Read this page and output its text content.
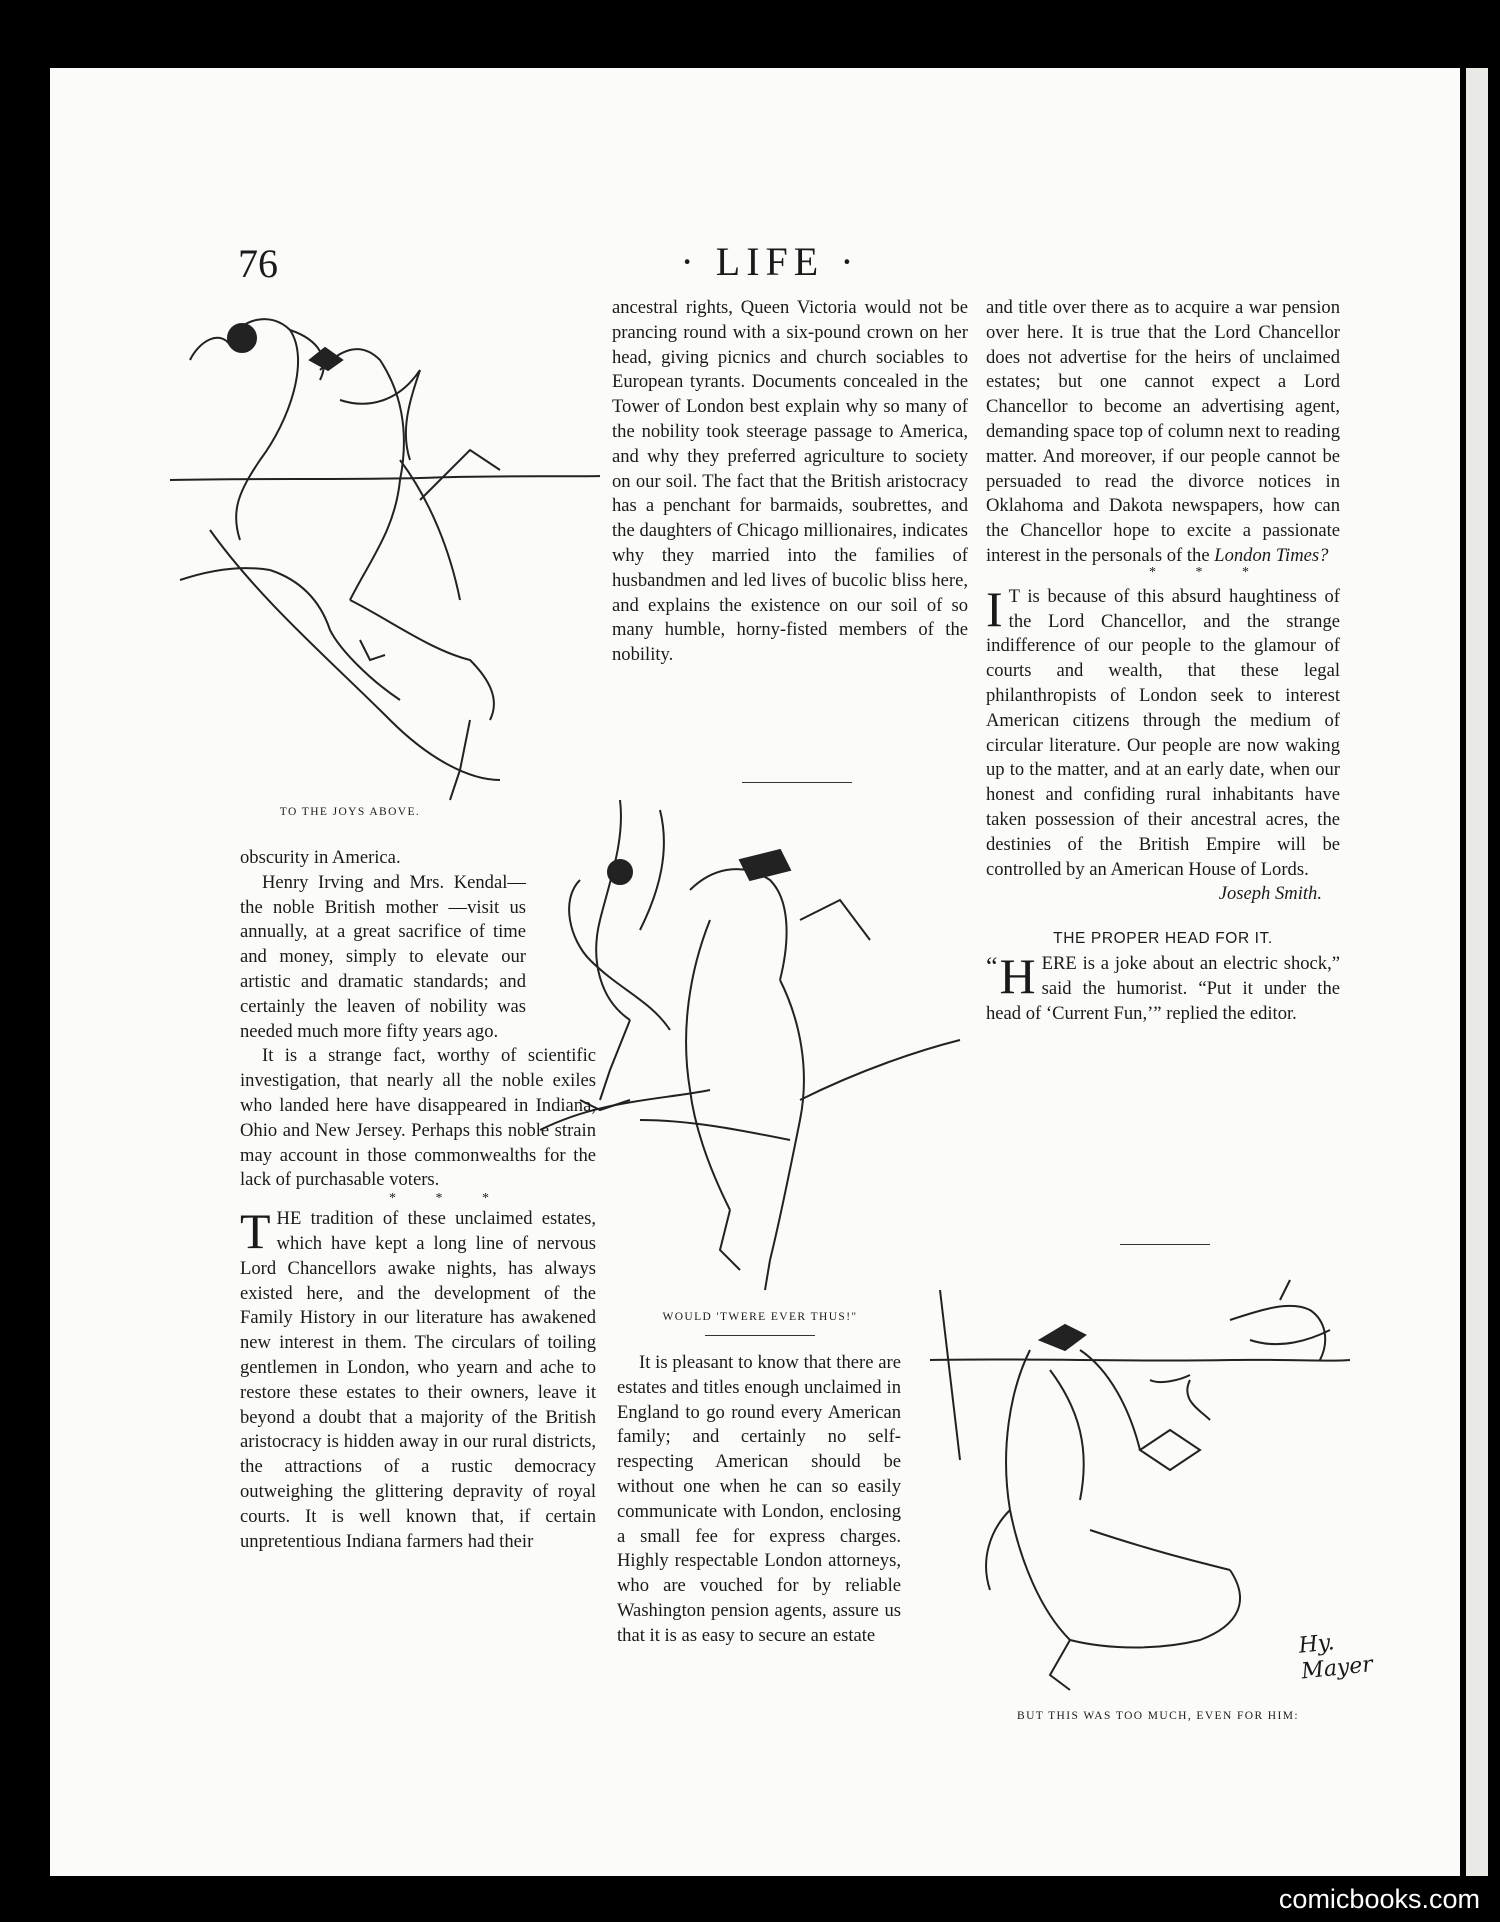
76	· LIFE ·
TO THE JOYS ABOVE.
WOULD 'TWERE EVER THUS!"
Hy. Mayer
BUT THIS WAS TOO MUCH, EVEN FOR HIM:

obscurity in America.

Henry Irving and Mrs. Kendal—the noble British mother —visit us annually, at a great sacrifice of time and money, simply to elevate our artistic and dramatic standards; and certainly the leaven of nobility was needed much more fifty years ago.

It is a strange fact, worthy of scientific investigation, that nearly all the noble exiles who landed here have disappeared in Indiana, Ohio and New Jersey. Perhaps this noble strain may account in those commonwealths for the lack of purchasable voters.

* * *

THE tradition of these unclaimed estates, which have kept a long line of nervous Lord Chancellors awake nights, has always existed here, and the development of the Family History in our literature has awakened new interest in them. The circulars of toiling gentlemen in London, who yearn and ache to restore these estates to their owners, leave it beyond a doubt that a majority of the British aristocracy is hidden away in our rural districts, the attractions of a rustic democracy outweighing the glittering depravity of royal courts. It is well known that, if certain unpretentious Indiana farmers had their

ancestral rights, Queen Victoria would not be prancing round with a six-pound crown on her head, giving picnics and church sociables to European tyrants. Documents concealed in the Tower of London best explain why so many of the nobility took steerage passage to America, and why they preferred agriculture to society on our soil. The fact that the British aristocracy has a penchant for barmaids, soubrettes, and the daughters of Chicago millionaires, indicates why they married into the families of husbandmen and led lives of bucolic bliss here, and explains the existence on our soil of so many humble, horny-fisted members of the nobility.
It is pleasant to know that there are estates and titles enough unclaimed in England to go round every American family; and certainly no self-respecting American should be without one when he can so easily communicate with London, enclosing a small fee for express charges. Highly respectable London attorneys, who are vouched for by reliable Washington pension agents, assure us that it is as easy to secure an estate

and title over there as to acquire a war pension over here. It is true that the Lord Chancellor does not advertise for the heirs of unclaimed estates; but one cannot expect a Lord Chancellor to become an advertising agent, demanding space top of column next to reading matter. And moreover, if our people cannot be persuaded to read the divorce notices in Oklahoma and Dakota newspapers, how can the Chancellor hope to excite a passionate interest in the personals of the London Times?

* * *

I T is because of this absurd haughtiness of the Lord Chancellor, and the strange indifference of our people to the glamour of courts and wealth, that these legal philanthropists of London seek to interest American citizens through the medium of circular literature. Our people are now waking up to the matter, and at an early date, when our honest and confiding rural inhabitants have taken possession of their ancestral acres, the destinies of the British Empire will be controlled by an American House of Lords.

Joseph Smith.

THE PROPER HEAD FOR IT.

“ H ERE is a joke about an electric shock,” said the humorist. “Put it under the head of ‘Current Fun,’” replied the editor.

comicbooks.com
